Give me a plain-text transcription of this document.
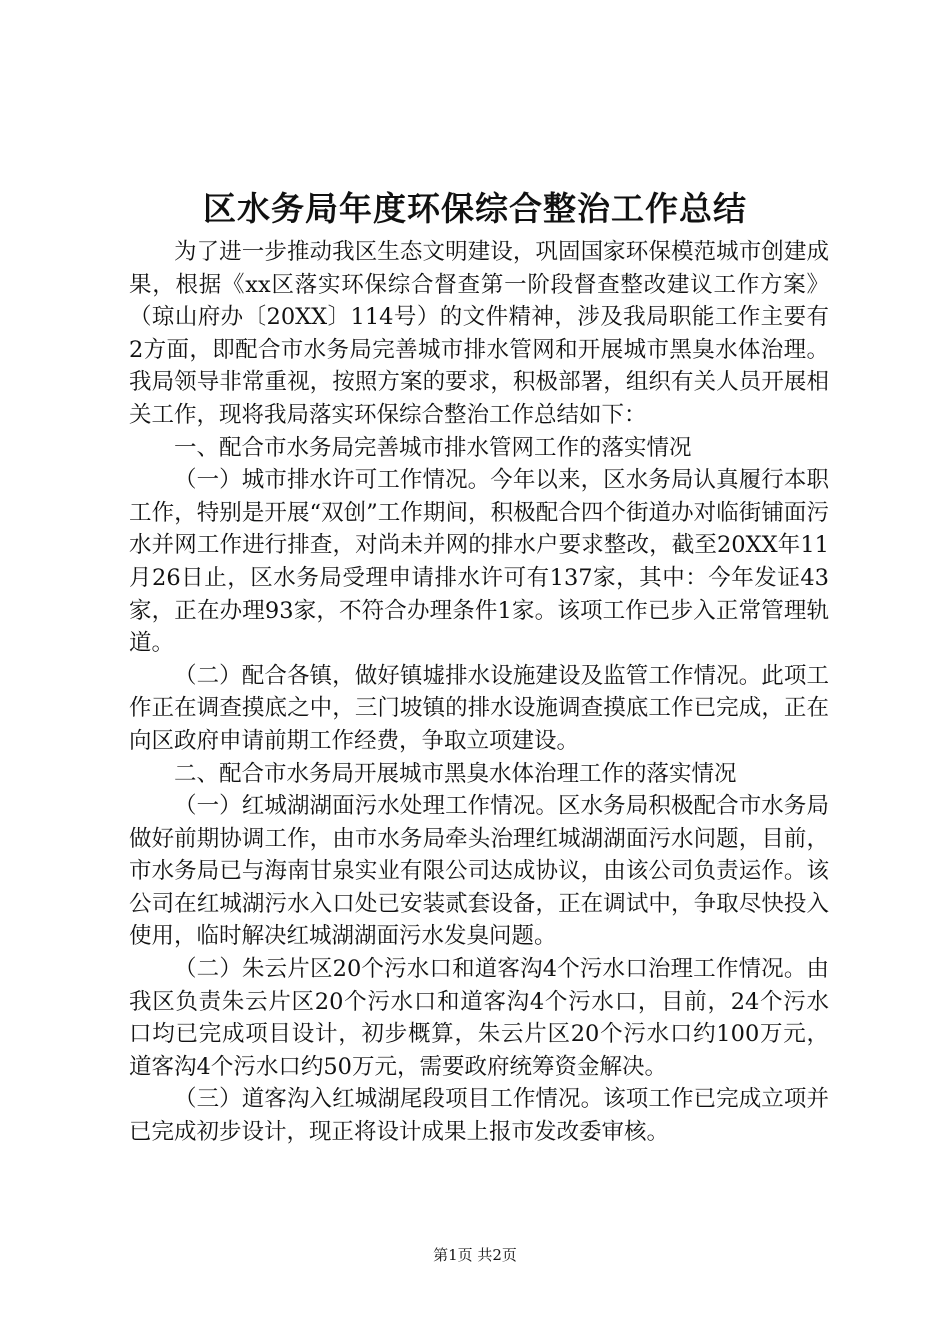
区水务局年度环保综合整治工作总结

为了进一步推动我区生态文明建设，巩固国家环保模范城市创建成果，根据《xx区落实环保综合督查第一阶段督查整改建议工作方案》（琼山府办〔20XX〕114号）的文件精神，涉及我局职能工作主要有2方面，即配合市水务局完善城市排水管网和开展城市黑臭水体治理。我局领导非常重视，按照方案的要求，积极部署，组织有关人员开展相关工作，现将我局落实环保综合整治工作总结如下：

一、配合市水务局完善城市排水管网工作的落实情况

（一）城市排水许可工作情况。今年以来，区水务局认真履行本职工作，特别是开展“双创”工作期间，积极配合四个街道办对临街铺面污水并网工作进行排查，对尚未并网的排水户要求整改，截至20XX年11月26日止，区水务局受理申请排水许可有137家，其中：今年发证43家，正在办理93家，不符合办理条件1家。该项工作已步入正常管理轨道。

（二）配合各镇，做好镇墟排水设施建设及监管工作情况。此项工作正在调查摸底之中，三门坡镇的排水设施调查摸底工作已完成，正在向区政府申请前期工作经费，争取立项建设。

二、配合市水务局开展城市黑臭水体治理工作的落实情况

（一）红城湖湖面污水处理工作情况。区水务局积极配合市水务局做好前期协调工作，由市水务局牵头治理红城湖湖面污水问题，目前，市水务局已与海南甘泉实业有限公司达成协议，由该公司负责运作。该公司在红城湖污水入口处已安装贰套设备，正在调试中，争取尽快投入使用，临时解决红城湖湖面污水发臭问题。

（二）朱云片区20个污水口和道客沟4个污水口治理工作情况。由我区负责朱云片区20个污水口和道客沟4个污水口，目前，24个污水口均已完成项目设计，初步概算，朱云片区20个污水口约100万元，道客沟4个污水口约50万元，需要政府统筹资金解决。

（三）道客沟入红城湖尾段项目工作情况。该项工作已完成立项并已完成初步设计，现正将设计成果上报市发改委审核。

第1页 共2页
